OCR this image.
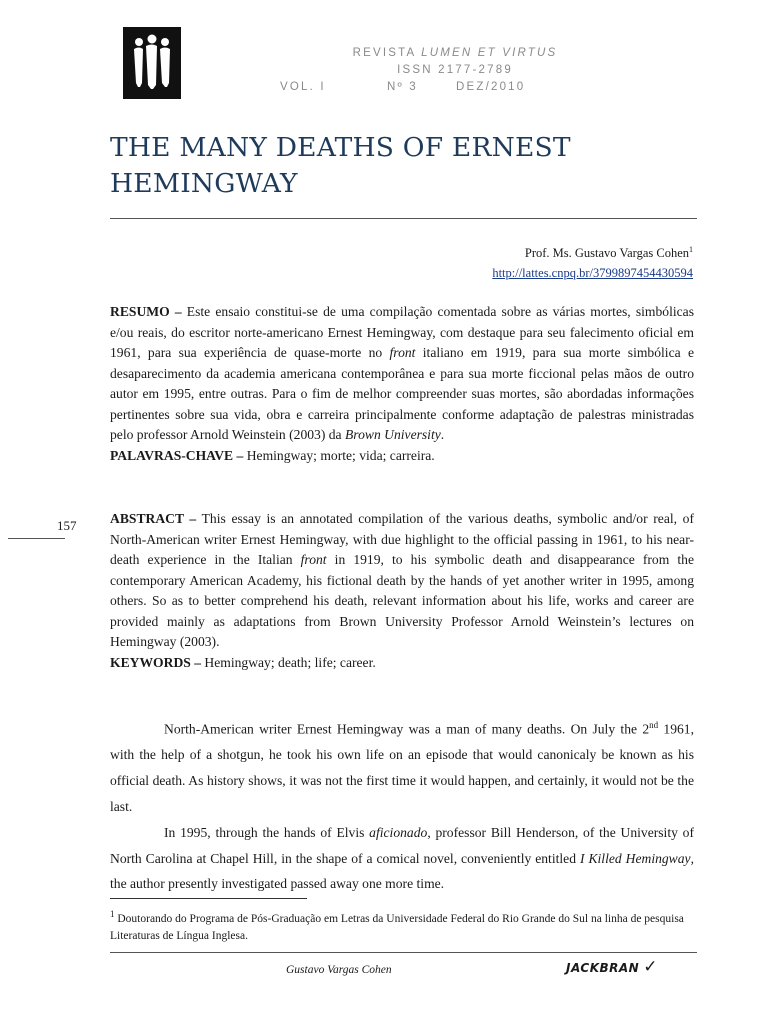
REVISTA LUMEN ET VIRTUS
ISSN 2177-2789
VOL. I	Nº 3	DEZ/2010
THE MANY DEATHS OF ERNEST
HEMINGWAY
Prof. Ms. Gustavo Vargas Cohen$^1$
http://lattes.cnpq.br/3799897454430594

RESUMO – Este ensaio constitui-se de uma compilação comentada sobre as várias mortes, simbólicas e/ou reais, do escritor norte-americano Ernest Hemingway, com destaque para seu falecimento oficial em 1961, para sua experiência de quase-morte no front italiano em 1919, para sua morte simbólica e desaparecimento da academia americana contemporânea e para sua morte ficcional pelas mãos de outro autor em 1995, entre outras. Para o fim de melhor compreender suas mortes, são abordadas informações pertinentes sobre sua vida, obra e carreira principalmente conforme adaptação de palestras ministradas pelo professor Arnold Weinstein (2003) da Brown University.

PALAVRAS-CHAVE – Hemingway; morte; vida; carreira.

157 ABSTRACT – This essay is an annotated compilation of the various deaths, symbolic and/or real, of North-American writer Ernest Hemingway, with due highlight to the official passing in 1961, to his near-death experience in the Italian front in 1919, to his symbolic death and disappearance from the contemporary American Academy, his fictional death by the hands of yet another writer in 1995, among others. So as to better comprehend his death, relevant information about his life, works and career are provided mainly as adaptations from Brown University Professor Arnold Weinstein’s lectures on Hemingway (2003).

KEYWORDS – Hemingway; death; life; career.

North-American writer Ernest Hemingway was a man of many deaths. On July the 2nd 1961, with the help of a shotgun, he took his own life on an episode that would canonicaly be known as his official death. As history shows, it was not the first time it would happen, and certainly, it would not be the last.

In 1995, through the hands of Elvis aficionado, professor Bill Henderson, of the University of North Carolina at Chapel Hill, in the shape of a comical novel, conveniently entitled I Killed Hemingway, the author presently investigated passed away one more time.

$^1$ Doutorando do Programa de Pós-Graduação em Letras da Universidade Federal do Rio Grande do Sul na linha de pesquisa Literaturas de Língua Inglesa.
Gustavo Vargas Cohen	JACKBRAN ✓
